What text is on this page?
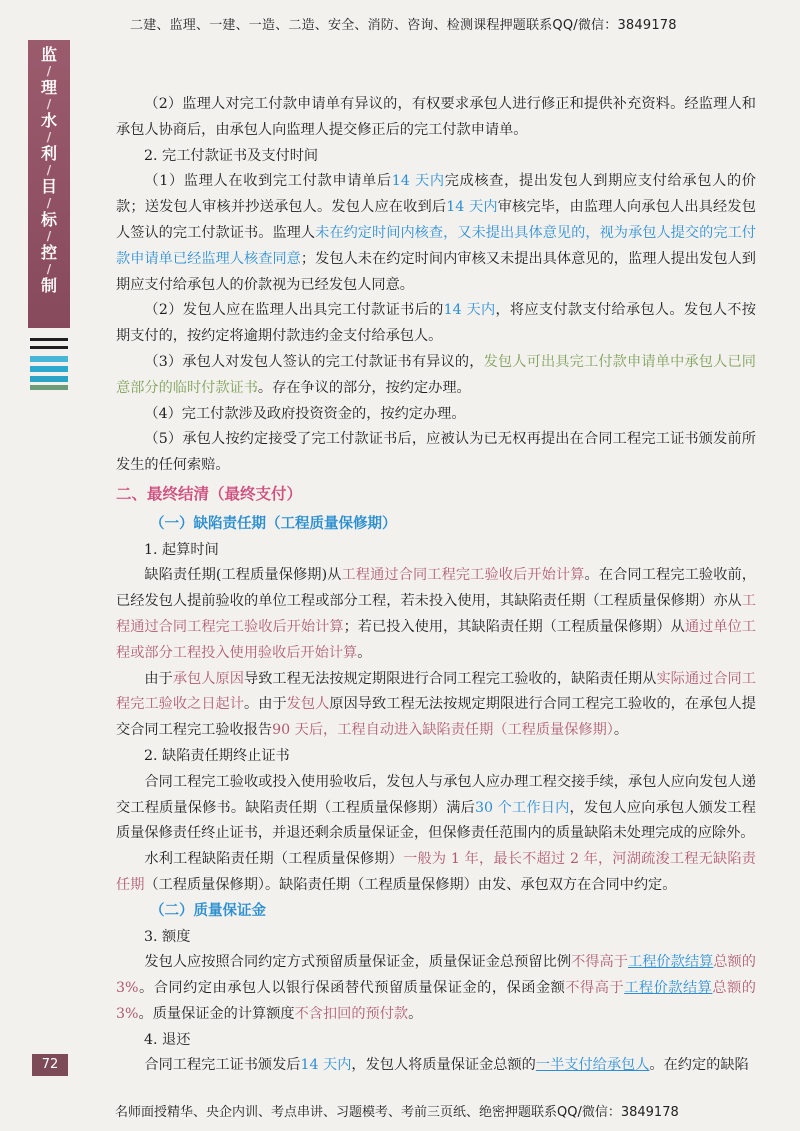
二建、监理、一建、一造、二造、安全、消防、咨询、检测课程押题联系QQ/微信：3849178
监
/
理
/
水
/
利
/
目
/
标
/
控
/
制

（2）监理人对完工付款申请单有异议的，有权要求承包人进行修正和提供补充资料。经监理人和承包人协商后，由承包人向监理人提交修正后的完工付款申请单。

2. 完工付款证书及支付时间

（1）监理人在收到完工付款申请单后14 天内完成核查，提出发包人到期应支付给承包人的价款；送发包人审核并抄送承包人。发包人应在收到后14 天内审核完毕，由监理人向承包人出具经发包人签认的完工付款证书。监理人未在约定时间内核查，又未提出具体意见的，视为承包人提交的完工付款申请单已经监理人核查同意；发包人未在约定时间内审核又未提出具体意见的，监理人提出发包人到期应支付给承包人的价款视为已经发包人同意。

（2）发包人应在监理人出具完工付款证书后的14 天内，将应支付款支付给承包人。发包人不按期支付的，按约定将逾期付款违约金支付给承包人。

（3）承包人对发包人签认的完工付款证书有异议的，发包人可出具完工付款申请单中承包人已同意部分的临时付款证书。存在争议的部分，按约定办理。

（4）完工付款涉及政府投资资金的，按约定办理。

（5）承包人按约定接受了完工付款证书后，应被认为已无权再提出在合同工程完工证书颁发前所发生的任何索赔。

二、最终结清（最终支付）

（一）缺陷责任期（工程质量保修期）

1. 起算时间

缺陷责任期(工程质量保修期)从工程通过合同工程完工验收后开始计算。在合同工程完工验收前，已经发包人提前验收的单位工程或部分工程，若未投入使用，其缺陷责任期（工程质量保修期）亦从工程通过合同工程完工验收后开始计算；若已投入使用，其缺陷责任期（工程质量保修期）从通过单位工程或部分工程投入使用验收后开始计算。

由于承包人原因导致工程无法按规定期限进行合同工程完工验收的，缺陷责任期从实际通过合同工程完工验收之日起计。由于发包人原因导致工程无法按规定期限进行合同工程完工验收的，在承包人提交合同工程完工验收报告90 天后，工程自动进入缺陷责任期（工程质量保修期）。

2. 缺陷责任期终止证书

合同工程完工验收或投入使用验收后，发包人与承包人应办理工程交接手续，承包人应向发包人递交工程质量保修书。缺陷责任期（工程质量保修期）满后30 个工作日内，发包人应向承包人颁发工程质量保修责任终止证书，并退还剩余质量保证金，但保修责任范围内的质量缺陷未处理完成的应除外。

水利工程缺陷责任期（工程质量保修期）一般为 1 年，最长不超过 2 年，河湖疏浚工程无缺陷责任期（工程质量保修期）。缺陷责任期（工程质量保修期）由发、承包双方在合同中约定。

（二）质量保证金

3. 额度

发包人应按照合同约定方式预留质量保证金，质量保证金总预留比例不得高于工程价款结算总额的 3%。合同约定由承包人以银行保函替代预留质量保证金的，保函金额不得高于工程价款结算总额的 3%。质量保证金的计算额度不含扣回的预付款。

4. 退还

合同工程完工证书颁发后14 天内，发包人将质量保证金总额的一半支付给承包人。在约定的缺陷

72
名师面授精华、央企内训、考点串讲、习题模考、考前三页纸、绝密押题联系QQ/微信：3849178
